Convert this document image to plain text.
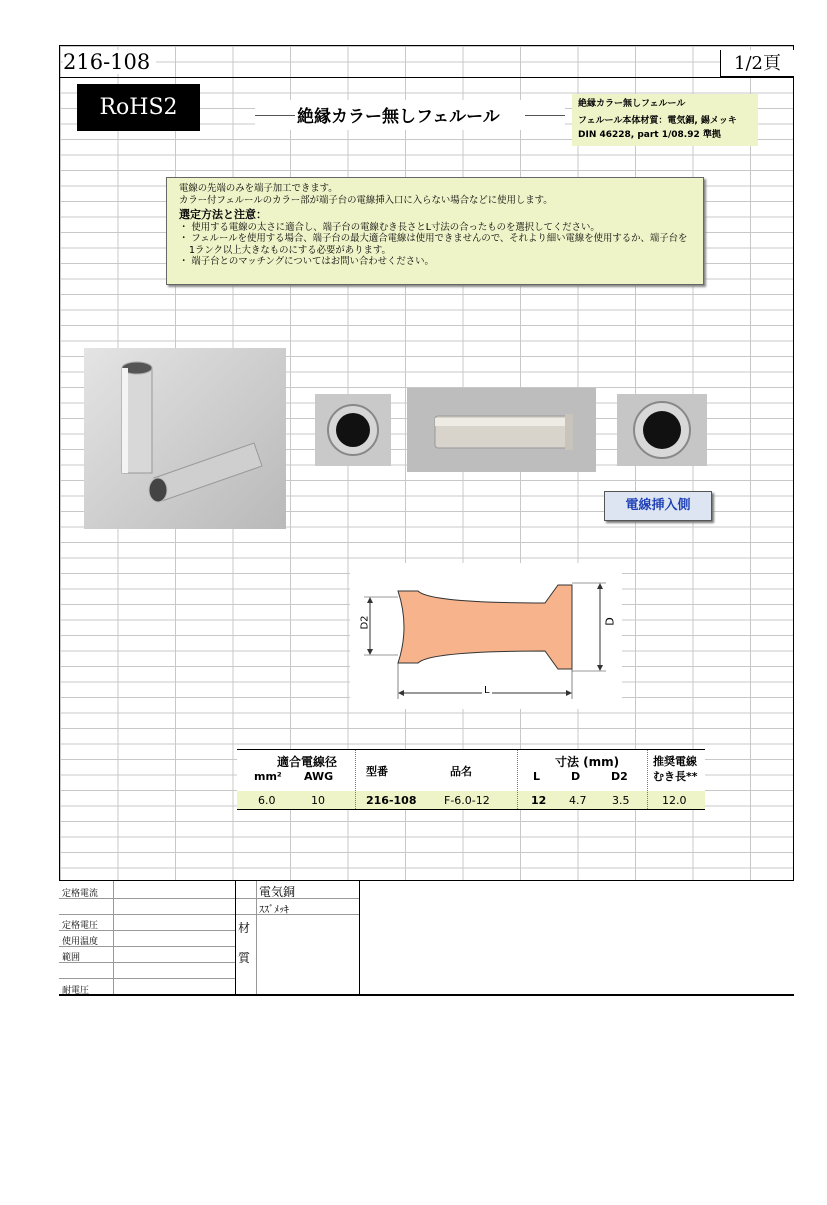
216-108	1/2頁
RoHS2	絶縁カラー無しフェルール
絶縁カラー無しフェルール
フェルール本体材質：電気銅, 錫メッキ
DIN 46228, part 1/08.92 準拠
電線の先端のみを端子加工できます。
カラー付フェルールのカラー部が端子台の電線挿入口に入らない場合などに使用します。
選定方法と注意：
・ 使用する電線の太さに適合し、端子台の電線むき長さとL寸法の合ったものを選択してください。
・ フェルールを使用する場合、端子台の最大適合電線は使用できませんので、それより細い電線を使用するか、端子台を1ランク以上大きなものにする必要があります。
・ 端子台とのマッチングについてはお問い合わせください。
電線挿入側
D2	D
L
適合電線径
mm² AWG	型番	品名
寸法 (mm)
L	D	D2
推奨電線
むき長**
6.0	10	216-108	F-6.0-12	12 4.7 3.5	12.0
定格電流
定格電圧
使用温度
範囲
耐電圧
材
質
電気銅
ｽｽﾞﾒｯｷ
